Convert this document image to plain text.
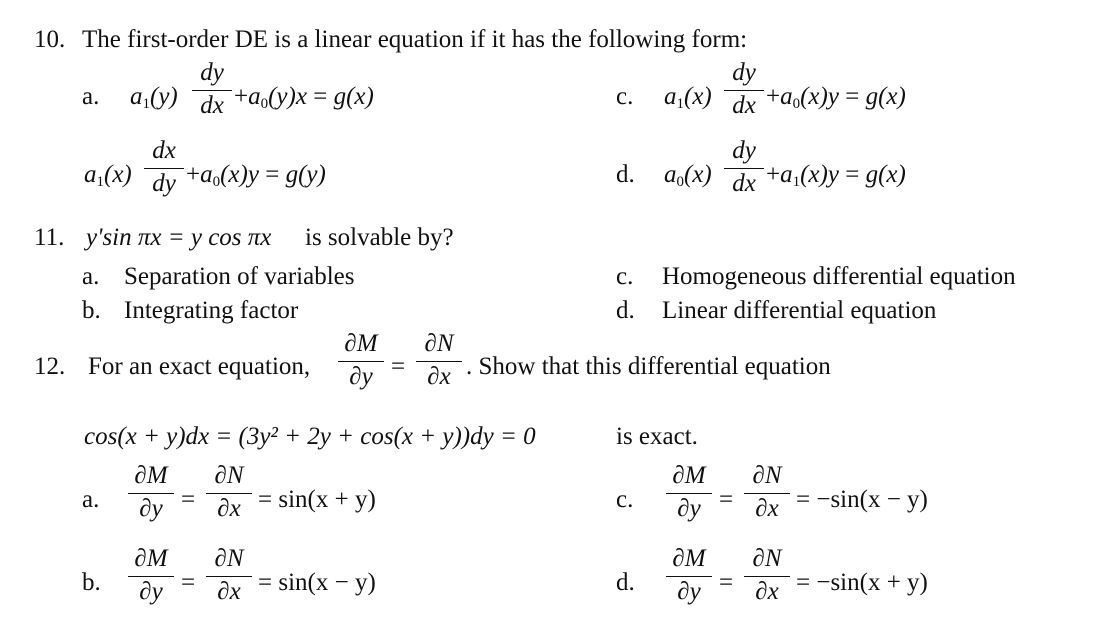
10. The first-order DE is a linear equation if it has the following form:
a. $a_1(y)$
dy
dx $+a_0(y)x = g(x)$	c. $a_1(x)$
dy
dx $+a_0(x)y = g(x)$
$a_1(x)$
dx
dy $+a_0(x)y = g(y)$	d. $a_0(x)$
dy
dx $+a_1(x)y = g(x)$
11. y'sin πx = y cos πx is solvable by?
a. Separation of variables
b. Integrating factor
c. Homogeneous differential equation
d. Linear differential equation
12. For an exact equation,
∂M
∂y =
∂N
∂x . Show that this differential equation
cos(x + y)dx = (3y² + 2y + cos(x + y))dy = 0	is exact.
a.
∂M
∂y =
∂N
∂x = sin(x + y)
b.
∂M
∂y =
∂N
∂x = sin(x − y)
c.
∂M
∂y =
∂N
∂x = −sin(x − y)
d.
∂M
∂y =
∂N
∂x = −sin(x + y)
